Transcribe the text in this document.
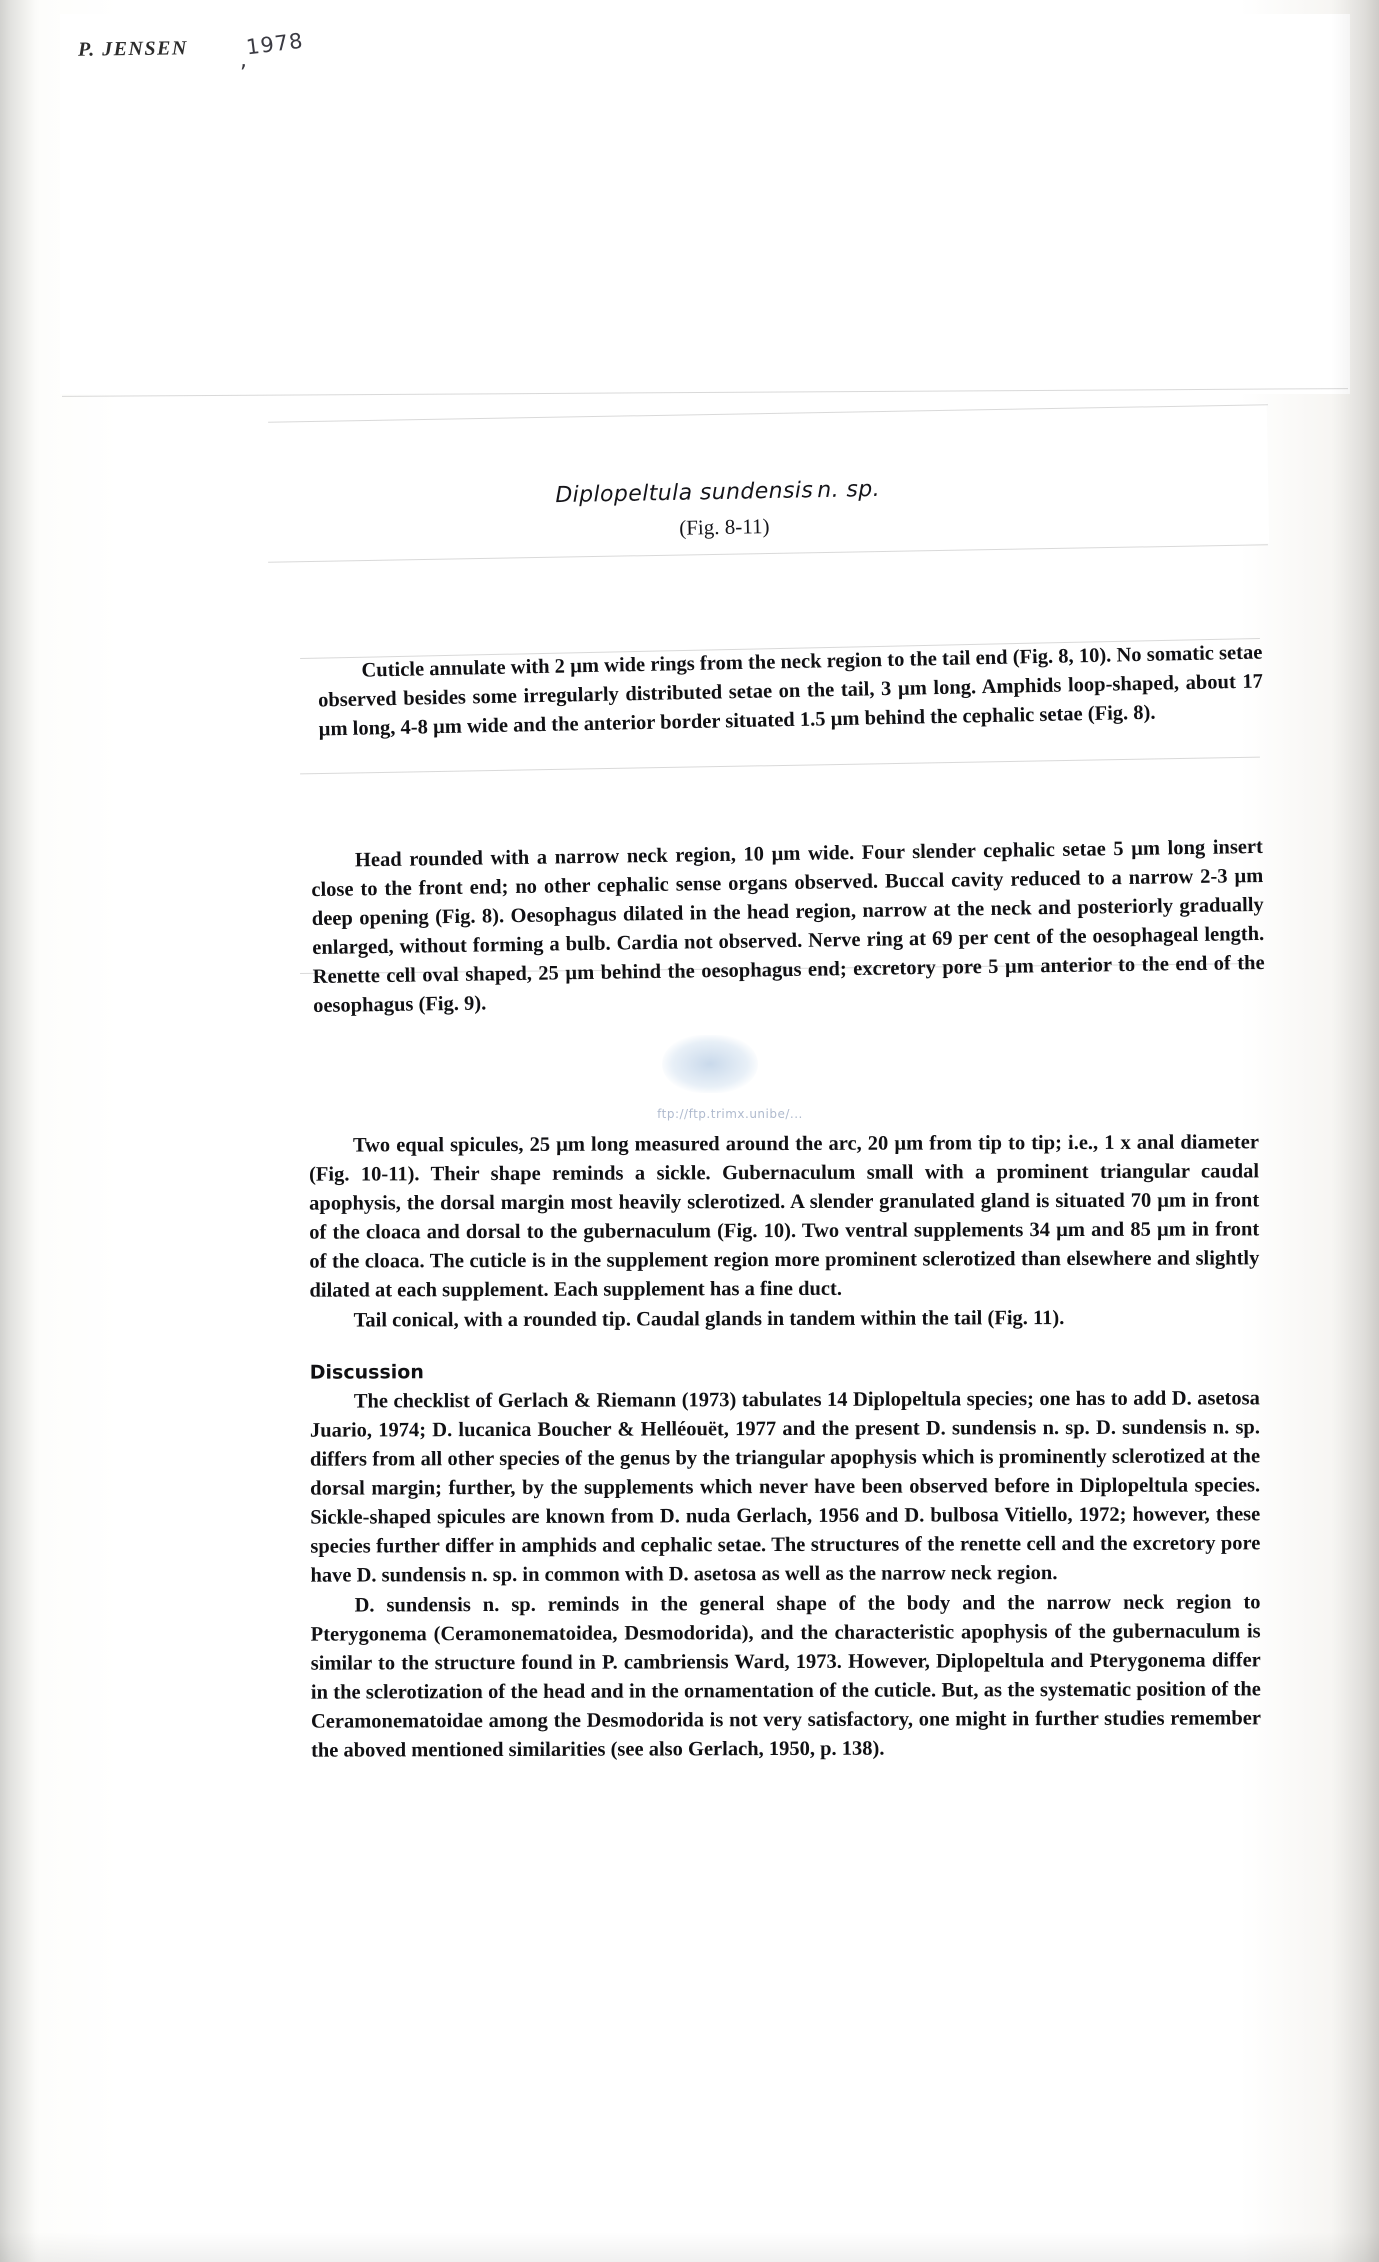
P. JENSEN ,
1978
Diplopeltula sundensis n. sp.
(Fig. 8-11)

Cuticle annulate with 2 µm wide rings from the neck region to the tail end (Fig. 8, 10). No somatic setae observed besides some irregularly distributed setae on the tail, 3 µm long. Amphids loop-shaped, about 17 µm long, 4-8 µm wide and the anterior border situated 1.5 µm behind the cephalic setae (Fig. 8).

Head rounded with a narrow neck region, 10 µm wide. Four slender cephalic setae 5 µm long insert close to the front end; no other cephalic sense organs observed. Buccal cavity reduced to a narrow 2-3 µm deep opening (Fig. 8). Oesophagus dilated in the head region, narrow at the neck and posteriorly gradually enlarged, without forming a bulb. Cardia not observed. Nerve ring at 69 per cent of the oesophageal length. Renette cell oval shaped, 25 µm behind the oesophagus end; excretory pore 5 µm anterior to the end of the oesophagus (Fig. 9).

Two equal spicules, 25 µm long measured around the arc, 20 µm from tip to tip; i.e., 1 x anal diameter (Fig. 10-11). Their shape reminds a sickle. Gubernaculum small with a prominent triangular caudal apophysis, the dorsal margin most heavily sclerotized. A slender granulated gland is situated 70 µm in front of the cloaca and dorsal to the gubernaculum (Fig. 10). Two ventral supplements 34 µm and 85 µm in front of the cloaca. The cuticle is in the supplement region more prominent sclerotized than elsewhere and slightly dilated at each supplement. Each supplement has a fine duct.

Tail conical, with a rounded tip. Caudal glands in tandem within the tail (Fig. 11).

Discussion

The checklist of Gerlach & Riemann (1973) tabulates 14 Diplopeltula species; one has to add D. asetosa Juario, 1974; D. lucanica Boucher & Helléouët, 1977 and the present D. sundensis n. sp. D. sundensis n. sp. differs from all other species of the genus by the triangular apophysis which is prominently sclerotized at the dorsal margin; further, by the supplements which never have been observed before in Diplopeltula species. Sickle-shaped spicules are known from D. nuda Gerlach, 1956 and D. bulbosa Vitiello, 1972; however, these species further differ in amphids and cephalic setae. The structures of the renette cell and the excretory pore have D. sundensis n. sp. in common with D. asetosa as well as the narrow neck region.

D. sundensis n. sp. reminds in the general shape of the body and the narrow neck region to Pterygonema (Ceramonematoidea, Desmodorida), and the characteristic apophysis of the gubernaculum is similar to the structure found in P. cambriensis Ward, 1973. However, Diplopeltula and Pterygonema differ in the sclerotization of the head and in the ornamentation of the cuticle. But, as the systematic position of the Ceramonematoidae among the Desmodorida is not very satisfactory, one might in further studies remember the aboved mentioned similarities (see also Gerlach, 1950, p. 138).

ftp://ftp.trimx.unibe/...
